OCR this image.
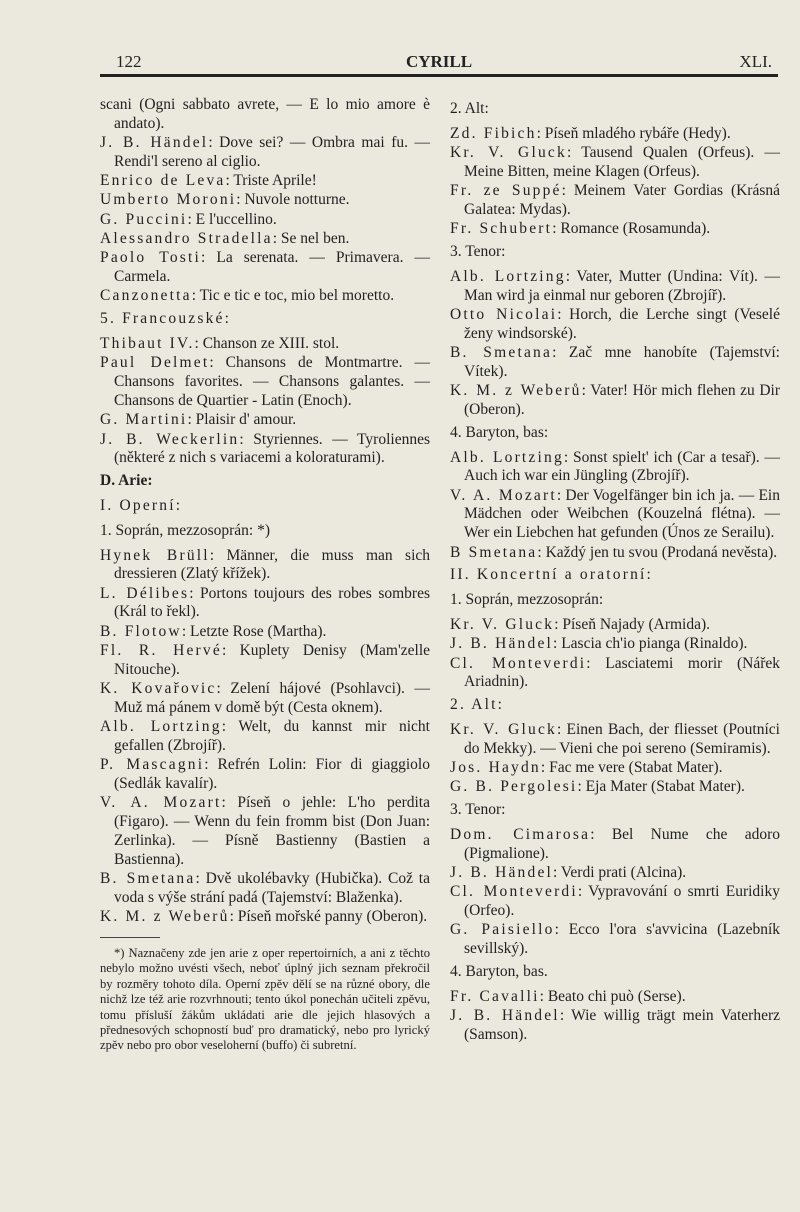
122	CYRILL	XLI.
scani (Ogni sabbato avrete, — E lo mio amore è andato).
J. B. Händel: Dove sei? — Ombra mai fu. — Rendi'l sereno al ciglio.
Enrico de Leva: Triste Aprile!
Umberto Moroni: Nuvole notturne.
G. Puccini: E l'uccellino.
Alessandro Stradella: Se nel ben.
Paolo Tosti: La serenata. — Primavera. — Carmela.
Canzonetta: Tic e tic e toc, mio bel moretto.
5. Francouzské:
Thibaut IV.: Chanson ze XIII. stol.
Paul Delmet: Chansons de Montmartre. — Chansons favorites. — Chansons galantes. — Chansons de Quartier - Latin (Enoch).
G. Martini: Plaisir d' amour.
J. B. Weckerlin: Styriennes. — Tyroliennes (některé z nich s variacemi a koloraturami).
D. Arie:
I. Operní:
1. Soprán, mezzosoprán: *)
Hynek Brüll: Männer, die muss man sich dressieren (Zlatý křížek).
L. Délibes: Portons toujours des robes sombres (Král to řekl).
B. Flotow: Letzte Rose (Martha).
Fl. R. Hervé: Kuplety Denisy (Mam'zelle Nitouche).
K. Kovařovic: Zelení hájové (Psohlavci). — Muž má pánem v domě být (Cesta oknem).
Alb. Lortzing: Welt, du kannst mir nicht gefallen (Zbrojíř).
P. Mascagni: Refrén Lolin: Fior di giaggiolo (Sedlák kavalír).
V. A. Mozart: Píseň o jehle: L'ho perdita (Figaro). — Wenn du fein fromm bist (Don Juan: Zerlinka). — Písně Bastienny (Bastien a Bastienna).
B. Smetana: Dvě ukolébavky (Hubička). Což ta voda s výše strání padá (Tajemství: Blaženka).
K. M. z Weberů: Píseň mořské panny (Oberon).
*) Naznačeny zde jen arie z oper repertoirních, a ani z těchto nebylo možno uvésti všech, neboť úplný jich seznam překročil by rozměry tohoto díla. Operní zpěv dělí se na různé obory, dle nichž lze též arie rozvrhnouti; tento úkol ponechán učiteli zpěvu, tomu přísluší žákům ukládati arie dle jejich hlasových a přednesových schopností buď pro dramatický, nebo pro lyrický zpěv nebo pro obor veseloherní (buffo) či subretní.
2. Alt:
Zd. Fibich: Píseň mladého rybáře (Hedy).
Kr. V. Gluck: Tausend Qualen (Orfeus). — Meine Bitten, meine Klagen (Orfeus).
Fr. ze Suppé: Meinem Vater Gordias (Krásná Galatea: Mydas).
Fr. Schubert: Romance (Rosamunda).
3. Tenor:
Alb. Lortzing: Vater, Mutter (Undina: Vít). — Man wird ja einmal nur geboren (Zbrojíř).
Otto Nicolai: Horch, die Lerche singt (Veselé ženy windsorské).
B. Smetana: Zač mne hanobíte (Tajemství: Vítek).
K. M. z Weberů: Vater! Hör mich flehen zu Dir (Oberon).
4. Baryton, bas:
Alb. Lortzing: Sonst spielt' ich (Car a tesař). — Auch ich war ein Jüngling (Zbrojíř).
V. A. Mozart: Der Vogelfänger bin ich ja. — Ein Mädchen oder Weibchen (Kouzelná flétna). — Wer ein Liebchen hat gefunden (Únos ze Serailu).
B Smetana: Každý jen tu svou (Prodaná nevěsta).
II. Koncertní a oratorní:
1. Soprán, mezzosoprán:
Kr. V. Gluck: Píseň Najady (Armida).
J. B. Händel: Lascia ch'io pianga (Rinaldo).
Cl. Monteverdi: Lasciatemi morir (Nářek Ariadnin).
2. Alt:
Kr. V. Gluck: Einen Bach, der fliesset (Poutníci do Mekky). — Vieni che poi sereno (Semiramis).
Jos. Haydn: Fac me vere (Stabat Mater).
G. B. Pergolesi: Eja Mater (Stabat Mater).
3. Tenor:
Dom. Cimarosa: Bel Nume che adoro (Pigmalione).
J. B. Händel: Verdi prati (Alcina).
Cl. Monteverdi: Vypravování o smrti Euridiky (Orfeo).
G. Paisiello: Ecco l'ora s'avvicina (Lazebník sevillský).
4. Baryton, bas.
Fr. Cavalli: Beato chi può (Serse).
J. B. Händel: Wie willig trägt mein Vaterherz (Samson).
